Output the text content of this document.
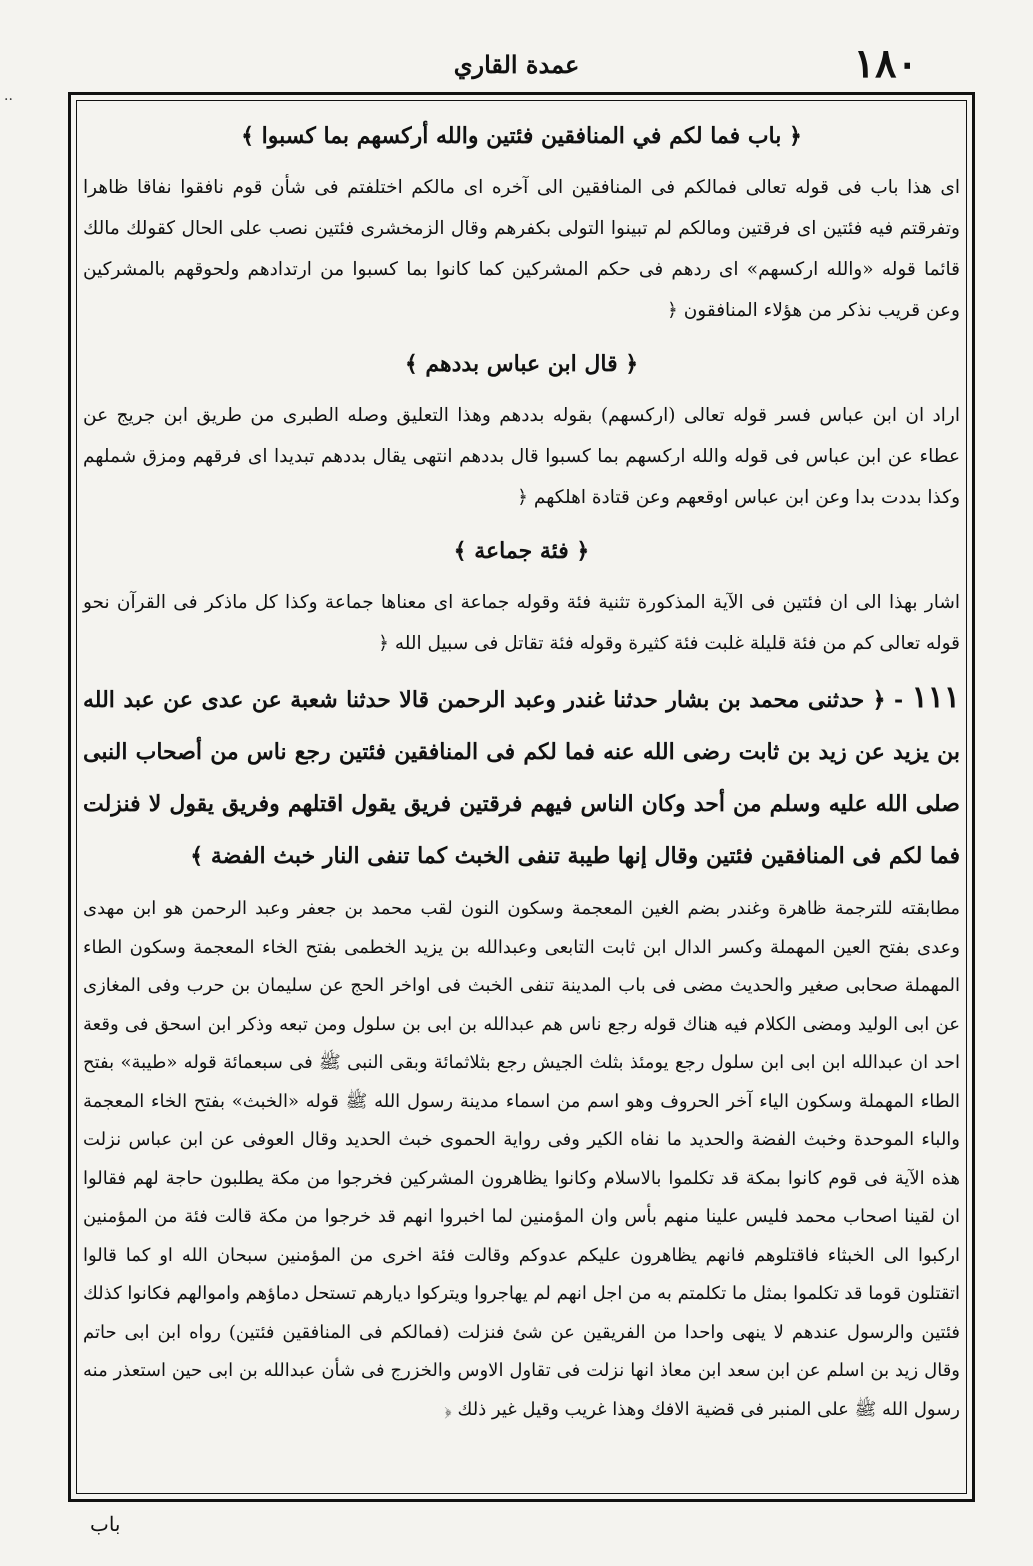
١٨٠
عمدة القاري
··
﴿ باب فما لكم في المنافقين فئتين والله أركسهم بما كسبوا ﴾

اى هذا باب فى قوله تعالى فمالكم فى المنافقين الى آخره اى مالكم اختلفتم فى شأن قوم نافقوا نفاقا ظاهرا وتفرقتم فيه فئتين اى فرقتين ومالكم لم تبينوا التولى بكفرهم وقال الزمخشرى فئتين نصب على الحال كقولك مالك قائما قوله «والله اركسهم» اى ردهم فى حكم المشركين كما كانوا بما كسبوا من ارتدادهم ولحوقهم بالمشركين وعن قريب نذكر من هؤلاء المنافقون ﴿

﴿ قال ابن عباس بددهم ﴾

اراد ان ابن عباس فسر قوله تعالى (اركسهم) بقوله بددهم وهذا التعليق وصله الطبرى من طريق ابن جريج عن عطاء عن ابن عباس فى قوله والله اركسهم بما كسبوا قال بددهم انتهى يقال بددهم تبديدا اى فرقهم ومزق شملهم وكذا بددت بدا وعن ابن عباس اوقعهم وعن قتادة اهلكهم ﴿

﴿ فئة جماعة ﴾

اشار بهذا الى ان فئتين فى الآية المذكورة تثنية فئة وقوله جماعة اى معناها جماعة وكذا كل ماذكر فى القرآن نحو قوله تعالى كم من فئة قليلة غلبت فئة كثيرة وقوله فئة تقاتل فى سبيل الله ﴿

١١١ - ﴿ حدثنى محمد بن بشار حدثنا غندر وعبد الرحمن قالا حدثنا شعبة عن عدى عن عبد الله بن يزيد عن زيد بن ثابت رضى الله عنه فما لكم فى المنافقين فئتين رجع ناس من أصحاب النبى صلى الله عليه وسلم من أحد وكان الناس فيهم فرقتين فريق يقول اقتلهم وفريق يقول لا فنزلت فما لكم فى المنافقين فئتين وقال إنها طيبة تنفى الخبث كما تنفى النار خبث الفضة ﴾

مطابقته للترجمة ظاهرة وغندر بضم الغين المعجمة وسكون النون لقب محمد بن جعفر وعبد الرحمن هو ابن مهدى وعدى بفتح العين المهملة وكسر الدال ابن ثابت التابعى وعبدالله بن يزيد الخطمى بفتح الخاء المعجمة وسكون الطاء المهملة صحابى صغير والحديث مضى فى باب المدينة تنفى الخبث فى اواخر الحج عن سليمان بن حرب وفى المغازى عن ابى الوليد ومضى الكلام فيه هناك قوله رجع ناس هم عبدالله بن ابى بن سلول ومن تبعه وذكر ابن اسحق فى وقعة احد ان عبدالله ابن ابى ابن سلول رجع يومئذ بثلث الجيش رجع بثلاثمائة وبقى النبى ﷺ فى سبعمائة قوله «طيبة» بفتح الطاء المهملة وسكون الياء آخر الحروف وهو اسم من اسماء مدينة رسول الله ﷺ قوله «الخبث» بفتح الخاء المعجمة والباء الموحدة وخبث الفضة والحديد ما نفاه الكير وفى رواية الحموى خبث الحديد وقال العوفى عن ابن عباس نزلت هذه الآية فى قوم كانوا بمكة قد تكلموا بالاسلام وكانوا يظاهرون المشركين فخرجوا من مكة يطلبون حاجة لهم فقالوا ان لقينا اصحاب محمد فليس علينا منهم بأس وان المؤمنين لما اخبروا انهم قد خرجوا من مكة قالت فئة من المؤمنين اركبوا الى الخبثاء فاقتلوهم فانهم يظاهرون عليكم عدوكم وقالت فئة اخرى من المؤمنين سبحان الله او كما قالوا اتقتلون قوما قد تكلموا بمثل ما تكلمتم به من اجل انهم لم يهاجروا ويتركوا ديارهم تستحل دماؤهم واموالهم فكانوا كذلك فئتين والرسول عندهم لا ينهى واحدا من الفريقين عن شئ فنزلت (فمالكم فى المنافقين فئتين) رواه ابن ابى حاتم وقال زيد بن اسلم عن ابن سعد ابن معاذ انها نزلت فى تقاول الاوس والخزرج فى شأن عبدالله بن ابى حين استعذر منه رسول الله ﷺ على المنبر فى قضية الافك وهذا غريب وقيل غير ذلك ﴿

باب
